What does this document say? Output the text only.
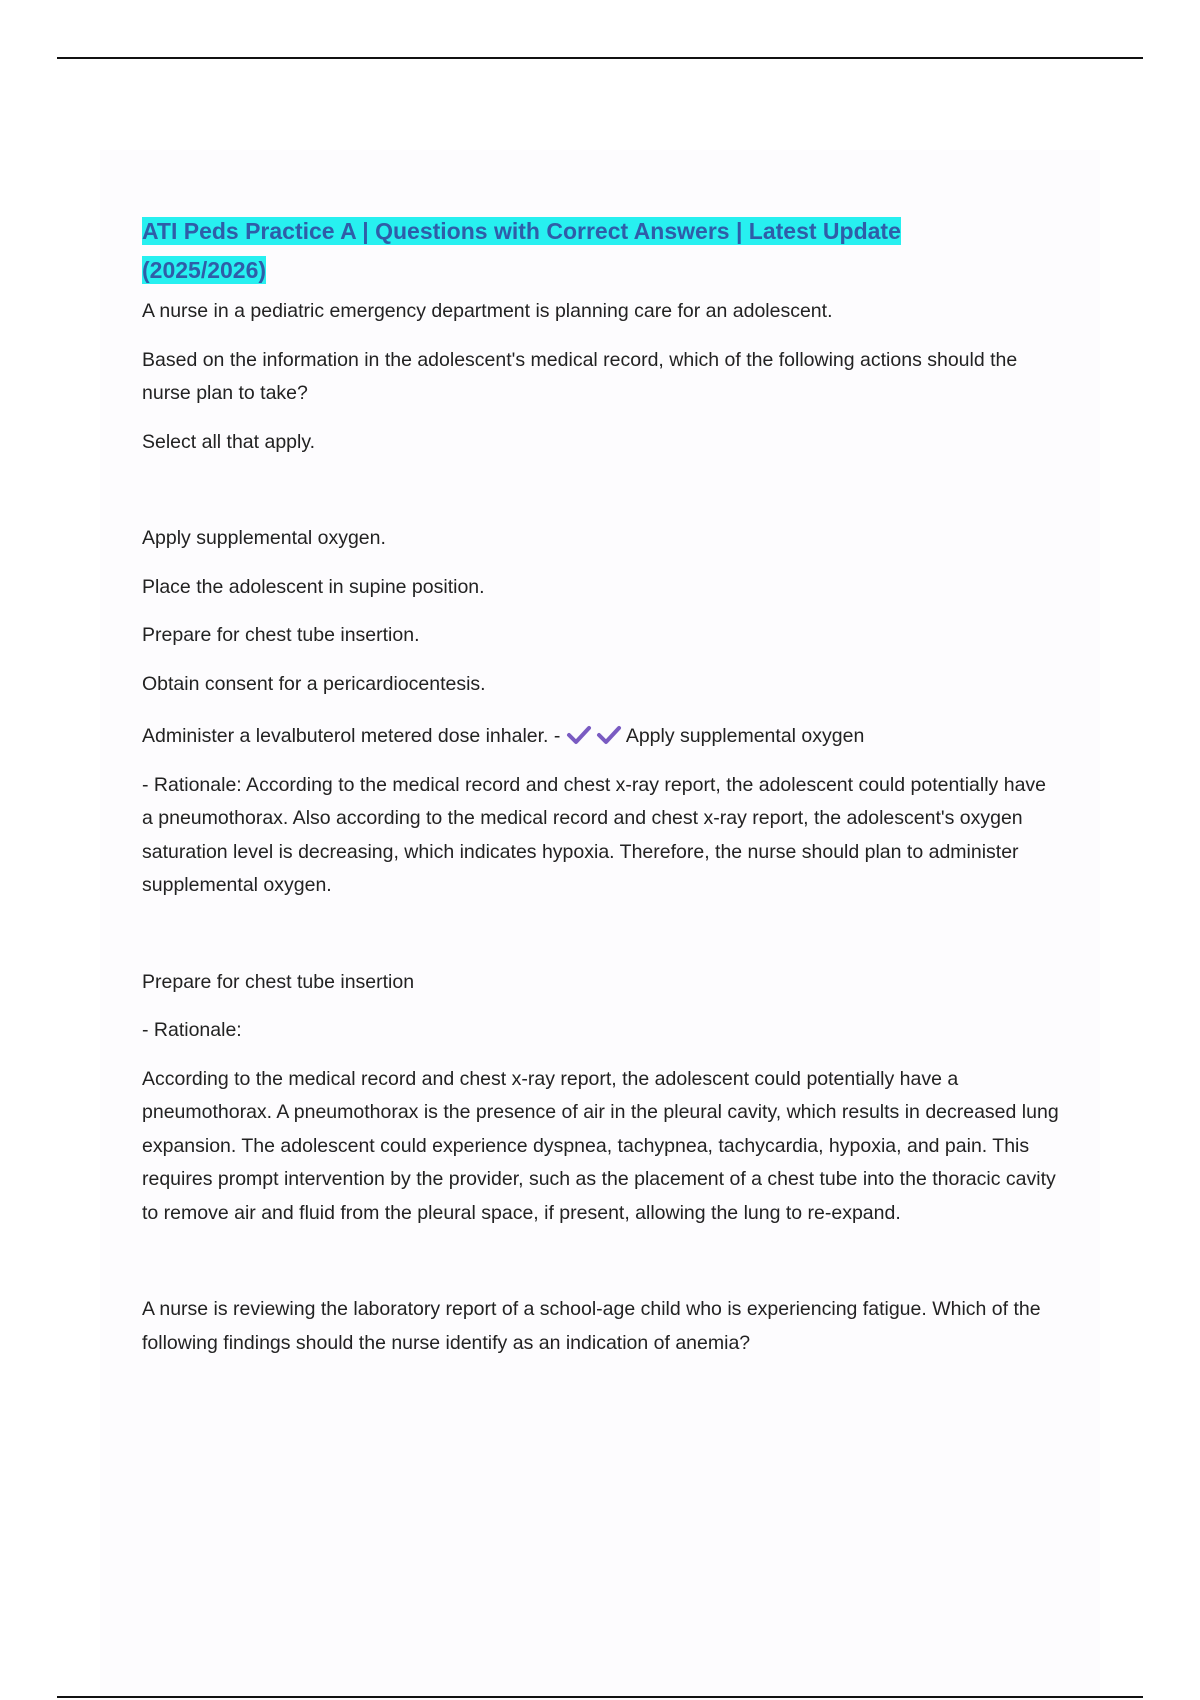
ATI Peds Practice A | Questions with Correct Answers | Latest Update
(2025/2026)

A nurse in a pediatric emergency department is planning care for an adolescent.

Based on the information in the adolescent's medical record, which of the following actions should the nurse plan to take?

Select all that apply.

Apply supplemental oxygen.

Place the adolescent in supine position.

Prepare for chest tube insertion.

Obtain consent for a pericardiocentesis.

Administer a levalbuterol metered dose inhaler. -	Apply supplemental oxygen

- Rationale: According to the medical record and chest x-ray report, the adolescent could potentially have a pneumothorax. Also according to the medical record and chest x-ray report, the adolescent's oxygen saturation level is decreasing, which indicates hypoxia. Therefore, the nurse should plan to administer supplemental oxygen.

Prepare for chest tube insertion

- Rationale:

According to the medical record and chest x-ray report, the adolescent could potentially have a pneumothorax. A pneumothorax is the presence of air in the pleural cavity, which results in decreased lung expansion. The adolescent could experience dyspnea, tachypnea, tachycardia, hypoxia, and pain. This requires prompt intervention by the provider, such as the placement of a chest tube into the thoracic cavity to remove air and fluid from the pleural space, if present, allowing the lung to re-expand.

A nurse is reviewing the laboratory report of a school-age child who is experiencing fatigue. Which of the following findings should the nurse identify as an indication of anemia?
